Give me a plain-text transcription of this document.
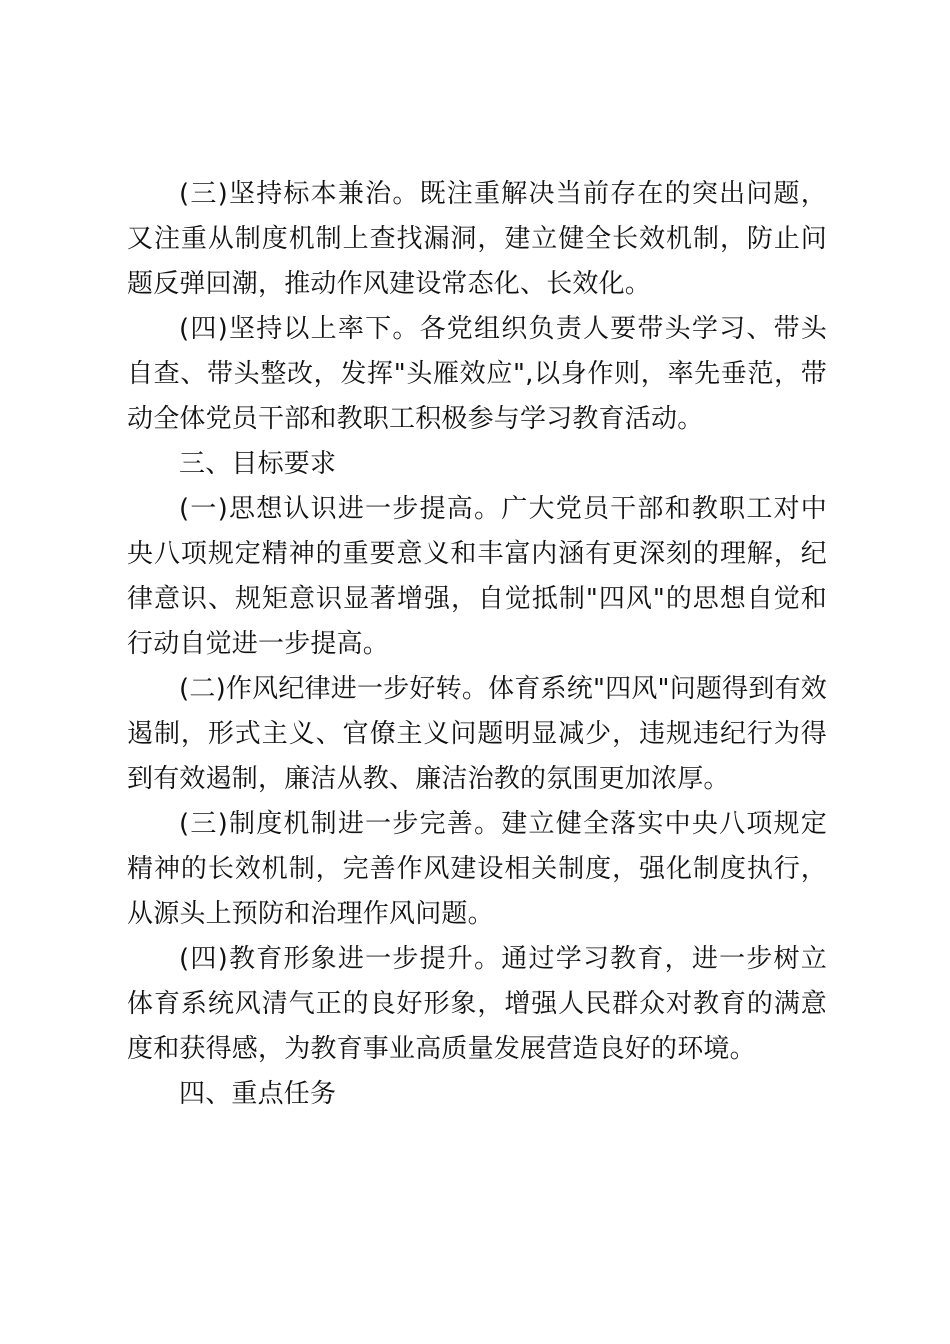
(三)坚持标本兼治。既注重解决当前存在的突出问题，又注重从制度机制上查找漏洞，建立健全长效机制，防止问题反弹回潮，推动作风建设常态化、长效化。

(四)坚持以上率下。各党组织负责人要带头学习、带头自查、带头整改，发挥"头雁效应",以身作则，率先垂范，带动全体党员干部和教职工积极参与学习教育活动。

三、目标要求

(一)思想认识进一步提高。广大党员干部和教职工对中央八项规定精神的重要意义和丰富内涵有更深刻的理解，纪律意识、规矩意识显著增强，自觉抵制"四风"的思想自觉和行动自觉进一步提高。

(二)作风纪律进一步好转。体育系统"四风"问题得到有效遏制，形式主义、官僚主义问题明显减少，违规违纪行为得到有效遏制，廉洁从教、廉洁治教的氛围更加浓厚。

(三)制度机制进一步完善。建立健全落实中央八项规定精神的长效机制，完善作风建设相关制度，强化制度执行，从源头上预防和治理作风问题。

(四)教育形象进一步提升。通过学习教育，进一步树立体育系统风清气正的良好形象，增强人民群众对教育的满意度和获得感，为教育事业高质量发展营造良好的环境。

四、重点任务
